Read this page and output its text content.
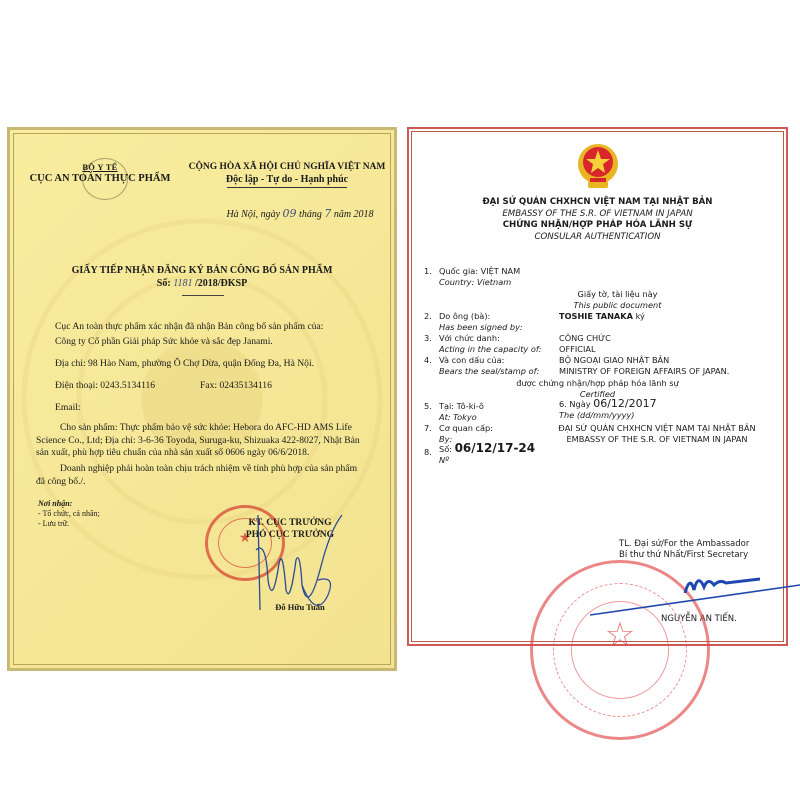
BỘ Y TẾ
CỤC AN TOÀN THỰC PHẨM
CỘNG HÒA XÃ HỘI CHỦ NGHĨA VIỆT NAM
Độc lập - Tự do - Hạnh phúc
Hà Nội, ngày 09 tháng 7 năm 2018
GIẤY TIẾP NHẬN ĐĂNG KÝ BẢN CÔNG BỐ SẢN PHẨM
Số: 1181 /2018/ĐKSP
Cục An toàn thực phẩm xác nhận đã nhận Bản công bố sản phẩm của:
Công ty Cổ phần Giải pháp Sức khỏe và sắc đẹp Janami.
Địa chỉ: 98 Hào Nam, phường Ô Chợ Dừa, quận Đống Đa, Hà Nội.
Điện thoại: 0243.5134116	Fax: 02435134116
Email:
Cho sản phẩm: Thực phẩm bảo vệ sức khỏe: Hebora do AFC-HD AMS Life Science Co., Ltd; Địa chỉ: 3-6-36 Toyoda, Suruga-ku, Shizuaka 422-8027, Nhật Bản sản xuất, phù hợp tiêu chuẩn của nhà sản xuất số 0606 ngày 06/6/2018.
Doanh nghiệp phải hoàn toàn chịu trách nhiệm về tính phù hợp của sản phẩm đã công bố./.
Nơi nhận:
- Tổ chức, cá nhân;
- Lưu trữ.
★
KT. CỤC TRƯỞNG
PHÓ CỤC TRƯỞNG
Đỗ Hữu Tuấn
ĐẠI SỨ QUÁN CHXHCN VIỆT NAM TẠI NHẬT BẢN
EMBASSY OF THE S.R. OF VIETNAM IN JAPAN
CHỨNG NHẬN/HỢP PHÁP HÓA LÃNH SỰ
CONSULAR AUTHENTICATION
1. Quốc gia: VIỆT NAM
Country: Vietnam
Giấy tờ, tài liệu này
This public document
2. Do ông (bà):
Has been signed by:
TOSHIE TANAKA ký
3. Với chức danh:
Acting in the capacity of:
CÔNG CHỨC
OFFICIAL
4. Và con dấu của:
Bears the seal/stamp of:
BỘ NGOẠI GIAO NHẬT BẢN
MINISTRY OF FOREIGN AFFAIRS OF JAPAN.
được chứng nhận/hợp pháp hóa lãnh sự
Certified
5. Tại: Tô-ki-ô
At: Tokyo
6. Ngày 06/12/2017
The (dd/mm/yyyy)
7. Cơ quan cấp:
By:
ĐẠI SỨ QUÁN CHXHCN VIỆT NAM TẠI NHẬT BẢN
EMBASSY OF THE S.R. OF VIETNAM IN JAPAN
8. Số: 06/12/17-24
Nº
TL. Đại sứ/For the Ambassador
Bí thư thứ Nhất/First Secretary
NGUYỄN AN TIẾN.
☆
